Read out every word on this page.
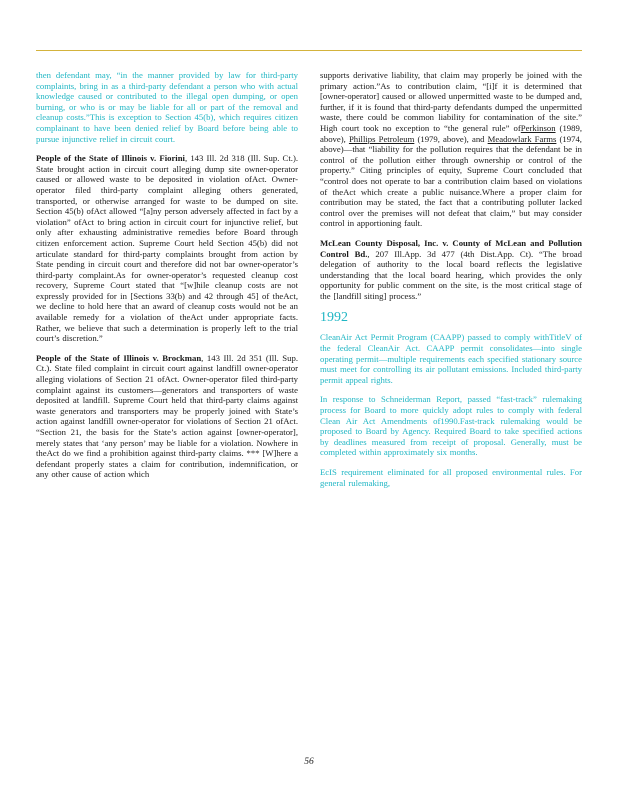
then defendant may, “in the manner provided by law for third-party complaints, bring in as a third-party defendant a person who with actual knowledge caused or contributed to the illegal open dumping, or open burning, or who is or may be liable for all or part of the removal and cleanup costs.”This is exception to Section 45(b), which requires citizen complainant to have been denied relief by Board before being able to pursue injunctive relief in circuit court.

People of the State of Illinois v. Fiorini, 143 Ill. 2d 318 (Ill. Sup. Ct.). State brought action in circuit court alleging dump site owner-operator caused or allowed waste to be deposited in violation ofAct. Owner-operator filed third-party complaint alleging others generated, transported, or otherwise arranged for waste to be dumped on site. Section 45(b) ofAct allowed “[a]ny person adversely affected in fact by a violation” ofAct to bring action in circuit court for injunctive relief, but only after exhausting administrative remedies before Board through citizen enforcement action. Supreme Court held Section 45(b) did not articulate standard for third-party complaints brought from action by State pending in circuit court and therefore did not bar owner-operator’s third-party complaint.As for owner-operator’s requested cleanup cost recovery, Supreme Court stated that “[w]hile cleanup costs are not expressly provided for in [Sections 33(b) and 42 through 45] of theAct, we decline to hold here that an award of cleanup costs would not be an available remedy for a violation of theAct under appropriate facts. Rather, we believe that such a determination is properly left to the trial court’s discretion.”

People of the State of Illinois v. Brockman, 143 Ill. 2d 351 (Ill. Sup. Ct.). State filed complaint in circuit court against landfill owner-operator alleging violations of Section 21 ofAct. Owner-operator filed third-party complaint against its customers—generators and transporters of waste deposited at landfill. Supreme Court held that third-party claims against waste generators and transporters may be properly joined with State’s action against landfill owner-operator for violations of Section 21 ofAct. “Section 21, the basis for the State’s action against [owner-operator], merely states that ‘any person’ may be liable for a violation. Nowhere in theAct do we find a prohibition against third-party claims. *** [W]here a defendant properly states a claim for contribution, indemnification, or any other cause of action which

supports derivative liability, that claim may properly be joined with the primary action.”As to contribution claim, “[i]f it is determined that [owner-operator] caused or allowed unpermitted waste to be dumped and, further, if it is found that third-party defendants dumped the unpermitted waste, there could be common liability for contamination of the site.” High court took no exception to “the general rule” ofPerkinson (1989, above), Phillips Petroleum (1979, above), and Meadowlark Farms (1974, above)—that “liability for the pollution requires that the defendant be in control of the pollution either through ownership or control of the property.” Citing principles of equity, Supreme Court concluded that “control does not operate to bar a contribution claim based on violations of theAct which create a public nuisance.Where a proper claim for contribution may be stated, the fact that a contributing polluter lacked control over the premises will not defeat that claim,” but may consider control in apportioning fault.

McLean County Disposal, Inc. v. County of McLean and Pollution Control Bd., 207 Ill.App. 3d 477 (4th Dist.App. Ct). “The broad delegation of authority to the local board reflects the legislative understanding that the local board hearing, which provides the only opportunity for public comment on the site, is the most critical stage of the [landfill siting] process.”

1992

CleanAir Act Permit Program (CAAPP) passed to comply withTitleV of the federal CleanAir Act. CAAPP permit consolidates—into single operating permit—multiple requirements each specified stationary source must meet for controlling its air pollutant emissions. Included third-party permit appeal rights.

In response to Schneiderman Report, passed “fast-track” rulemaking process for Board to more quickly adopt rules to comply with federal Clean Air Act Amendments of1990.Fast-track rulemaking would be proposed to Board by Agency. Required Board to take specified actions by deadlines measured from receipt of proposal. Generally, must be completed within approximately six months.

EcIS requirement eliminated for all proposed environmental rules. For general rulemaking,

56
